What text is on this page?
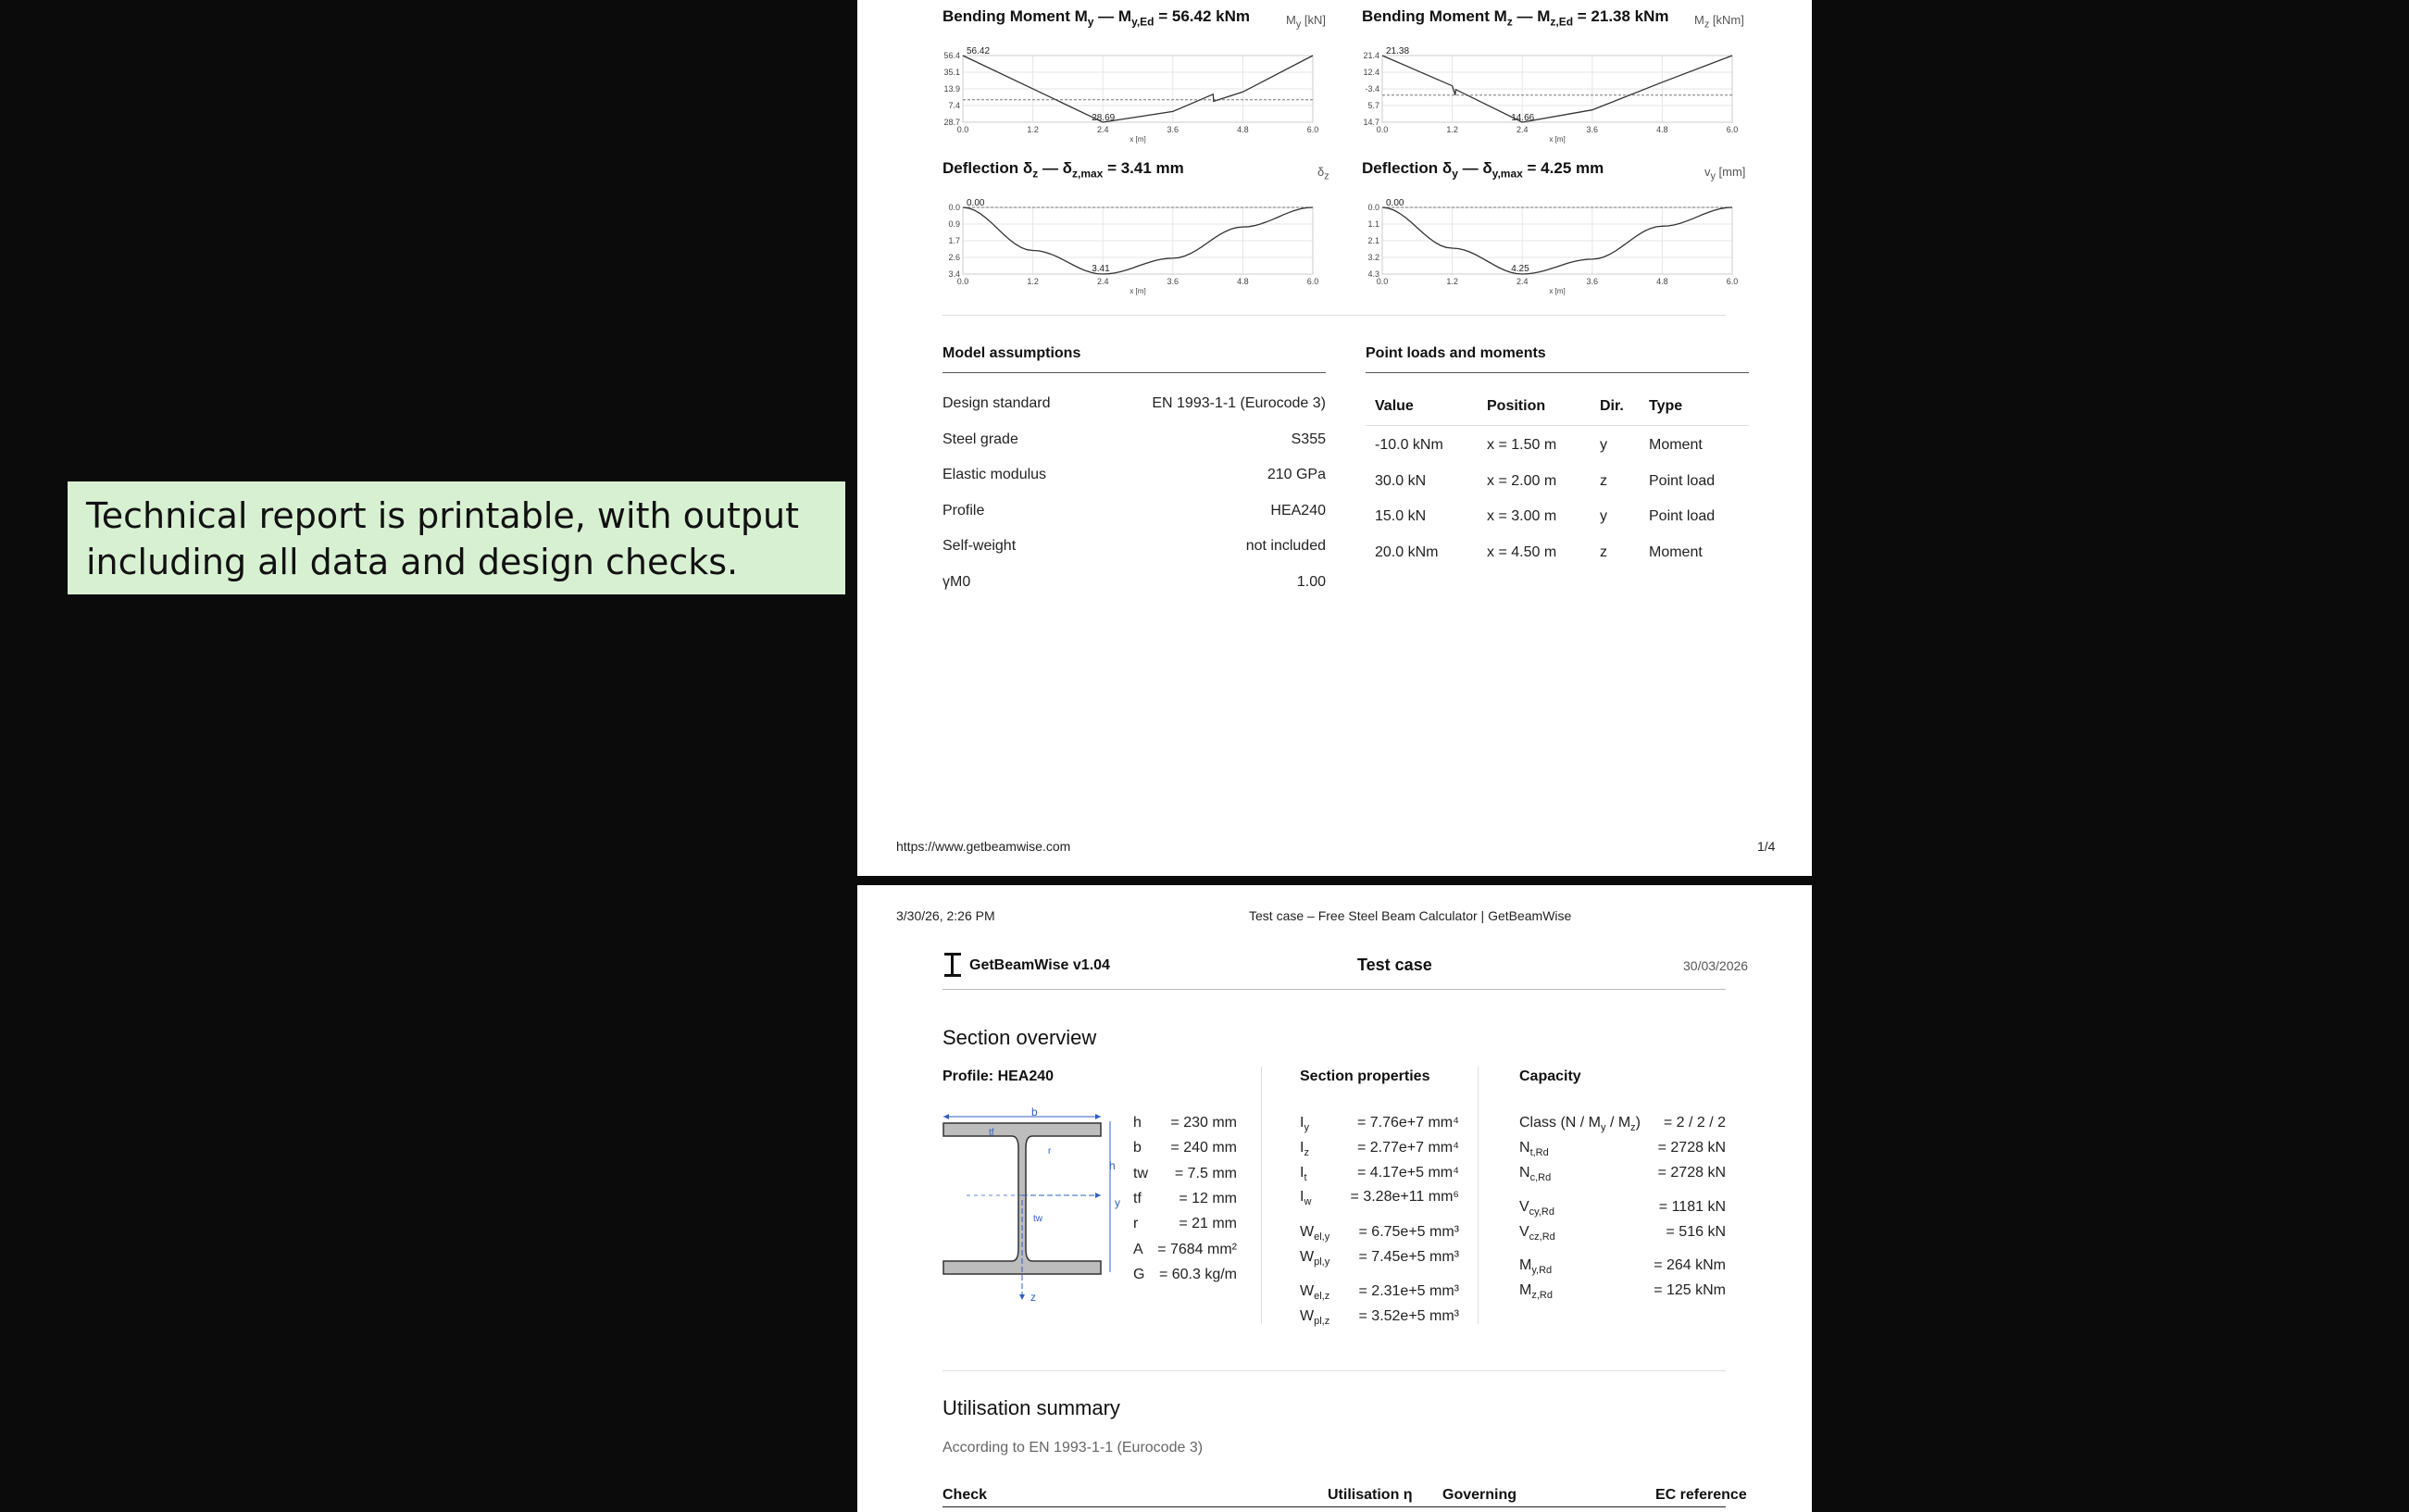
Technical report is printable, with output including all data and design checks.
Bending Moment $M_y$ — $M_{y,Ed} = 56.42$ kNm	$M_y$ [kN]
0.0	1.2	2.4	3.6	4.8	6.0
56.4
35.1
13.9
7.4
28.7
x [m]
56.42
28.69
Bending Moment $M_z$ — $M_{z,Ed} = 21.38$ kNm $M_z$ [kNm]
0.0	1.2	2.4	3.6	4.8	6.0
21.4
12.4
-3.4
5.7
14.7
x [m]
21.38
14.66
Deflection $\delta_z$ — $\delta_{z,max} = 3.41$ mm	$\delta_z$
0.0	1.2	2.4	3.6	4.8	6.0
0.0
0.9
1.7
2.6
3.4
x [m]
0.00
3.41
Deflection $\delta_y$ — $\delta_{y,max} = 4.25$ mm	$v_y$ [mm]
0.0	1.2	2.4	3.6	4.8	6.0
0.0
1.1
2.1
3.2
4.3
x [m]
0.00
4.25
Model assumptions
Design standard	EN 1993-1-1 (Eurocode 3)
Steel grade	S355
Elastic modulus	210 GPa
Profile	HEA240
Self-weight	not included
γM0	1.00
Point loads and moments
Value	Position	Dir. Type
-10.0 kNm	x = 1.50 m	y	Moment
30.0 kN	x = 2.00 m	z	Point load
15.0 kN	x = 3.00 m	y	Point load
20.0 kNm	x = 4.50 m	z	Moment
https://www.getbeamwise.com	1/4
3/30/26, 2:26 PM	Test case – Free Steel Beam Calculator | GetBeamWise
GetBeamWise v1.04	Test case	30/03/2026
Section overview
Profile: HEA240
b
y
z
h
tf
tw
r
h	= 230 mm
b	= 240 mm
tw	= 7.5 mm
tf	= 12 mm
r	= 21 mm
A = 7684 mm²
G = 60.3 kg/m
Section properties
$I_y$	= 7.76e+7 mm⁴
$I_z$	= 2.77e+7 mm⁴
$I_t$	= 4.17e+5 mm⁴
$I_w$	= 3.28e+11 mm⁶
$W_{el,y}$	= 6.75e+5 mm³
$W_{pl,y}$	= 7.45e+5 mm³
$W_{el,z}$	= 2.31e+5 mm³
$W_{pl,z}$	= 3.52e+5 mm³
Capacity
Class $(N / M_y / M_z)$	= 2 / 2 / 2
$N_{t,Rd}$	= 2728 kN
$N_{c,Rd}$	= 2728 kN
$V_{cy,Rd}$	= 1181 kN
$V_{cz,Rd}$	= 516 kN
$M_{y,Rd}$	= 264 kNm
$M_{z,Rd}$	= 125 kNm
Utilisation summary
According to EN 1993-1-1 (Eurocode 3)
Check	Utilisation η Governing	EC reference
